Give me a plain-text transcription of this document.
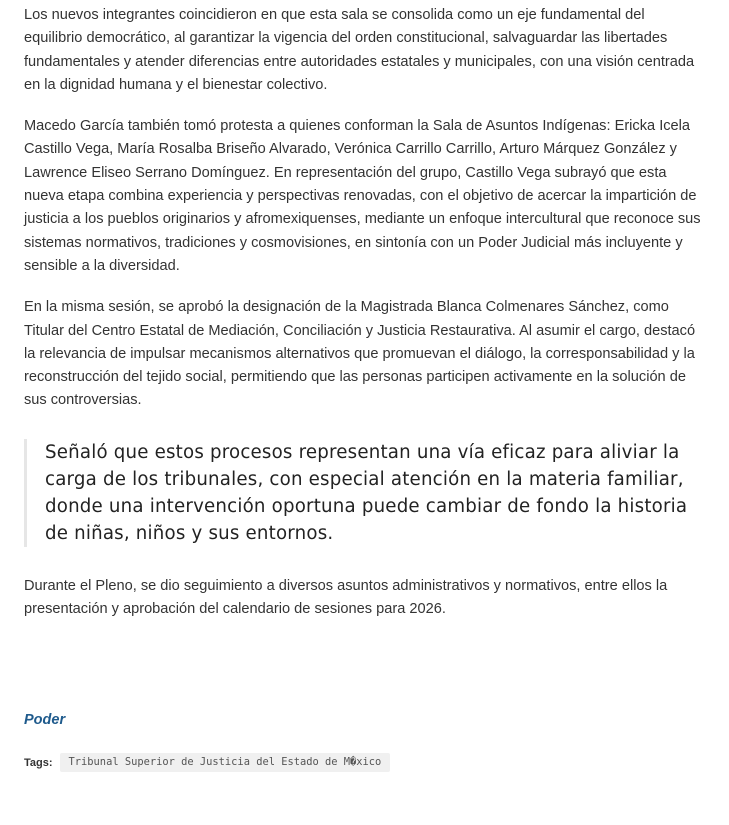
Los nuevos integrantes coincidieron en que esta sala se consolida como un eje fundamental del equilibrio democrático, al garantizar la vigencia del orden constitucional, salvaguardar las libertades fundamentales y atender diferencias entre autoridades estatales y municipales, con una visión centrada en la dignidad humana y el bienestar colectivo.

Macedo García también tomó protesta a quienes conforman la Sala de Asuntos Indígenas: Ericka Icela Castillo Vega, María Rosalba Briseño Alvarado, Verónica Carrillo Carrillo, Arturo Márquez González y Lawrence Eliseo Serrano Domínguez. En representación del grupo, Castillo Vega subrayó que esta nueva etapa combina experiencia y perspectivas renovadas, con el objetivo de acercar la impartición de justicia a los pueblos originarios y afromexiquenses, mediante un enfoque intercultural que reconoce sus sistemas normativos, tradiciones y cosmovisiones, en sintonía con un Poder Judicial más incluyente y sensible a la diversidad.

En la misma sesión, se aprobó la designación de la Magistrada Blanca Colmenares Sánchez, como Titular del Centro Estatal de Mediación, Conciliación y Justicia Restaurativa. Al asumir el cargo, destacó la relevancia de impulsar mecanismos alternativos que promuevan el diálogo, la corresponsabilidad y la reconstrucción del tejido social, permitiendo que las personas participen activamente en la solución de sus controversias.

Señaló que estos procesos representan una vía eficaz para aliviar la carga de los tribunales, con especial atención en la materia familiar, donde una intervención oportuna puede cambiar de fondo la historia de niñas, niños y sus entornos.

Durante el Pleno, se dio seguimiento a diversos asuntos administrativos y normativos, entre ellos la presentación y aprobación del calendario de sesiones para 2026.

Poder
Tags:	Tribunal Superior de Justicia del Estado de M�xico
